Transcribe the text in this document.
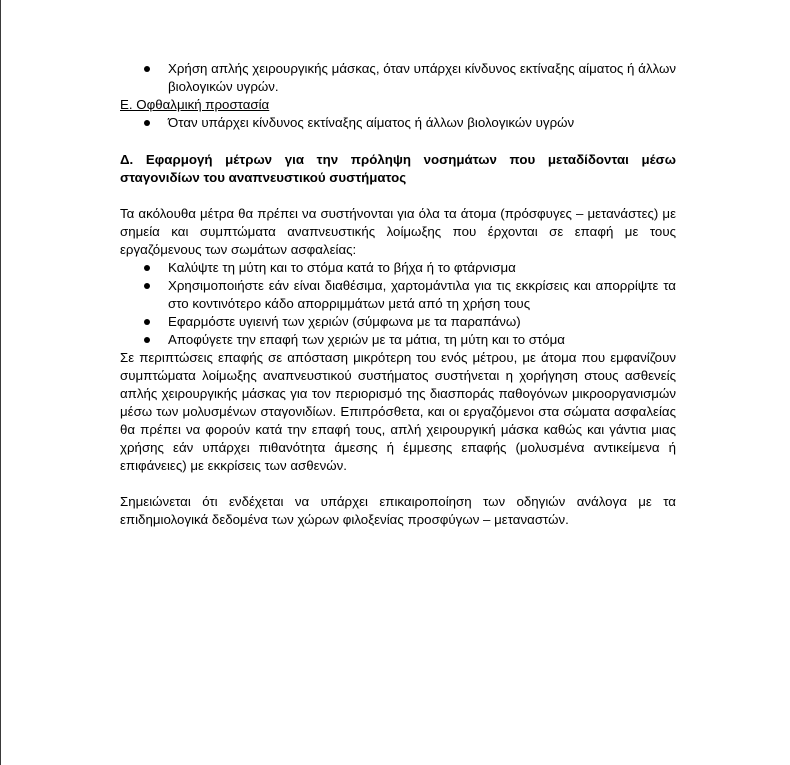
Χρήση απλής χειρουργικής μάσκας, όταν υπάρχει κίνδυνος εκτίναξης αίματος ή άλλων βιολογικών υγρών.

Ε. Οφθαλμική προστασία

Όταν υπάρχει κίνδυνος εκτίναξης αίματος ή άλλων βιολογικών υγρών

Δ. Εφαρμογή μέτρων για την πρόληψη νοσημάτων που μεταδίδονται μέσω σταγονιδίων του αναπνευστικού συστήματος

Τα ακόλουθα μέτρα θα πρέπει να συστήνονται για όλα τα άτομα (πρόσφυγες – μετανάστες) με σημεία και συμπτώματα αναπνευστικής λοίμωξης που έρχονται σε επαφή με τους εργαζόμενους των σωμάτων ασφαλείας:

Καλύψτε τη μύτη και το στόμα κατά το βήχα ή το φτάρνισμα
Χρησιμοποιήστε εάν είναι διαθέσιμα, χαρτομάντιλα για τις εκκρίσεις και απορρίψτε τα στο κοντινότερο κάδο απορριμμάτων μετά από τη χρήση τους
Εφαρμόστε υγιεινή των χεριών (σύμφωνα με τα παραπάνω)
Αποφύγετε την επαφή των χεριών με τα μάτια, τη μύτη και το στόμα

Σε περιπτώσεις επαφής σε απόσταση μικρότερη του ενός μέτρου, με άτομα που εμφανίζουν συμπτώματα λοίμωξης αναπνευστικού συστήματος συστήνεται η χορήγηση στους ασθενείς απλής χειρουργικής μάσκας για τον περιορισμό της διασποράς παθογόνων μικροοργανισμών μέσω των μολυσμένων σταγονιδίων. Επιπρόσθετα, και οι εργαζόμενοι στα σώματα ασφαλείας θα πρέπει να φορούν κατά την επαφή τους, απλή χειρουργική μάσκα καθώς και γάντια μιας χρήσης εάν υπάρχει πιθανότητα άμεσης ή έμμεσης επαφής (μολυσμένα αντικείμενα ή επιφάνειες) με εκκρίσεις των ασθενών.

Σημειώνεται ότι ενδέχεται να υπάρχει επικαιροποίηση των οδηγιών ανάλογα με τα επιδημιολογικά δεδομένα των χώρων φιλοξενίας προσφύγων – μεταναστών.
